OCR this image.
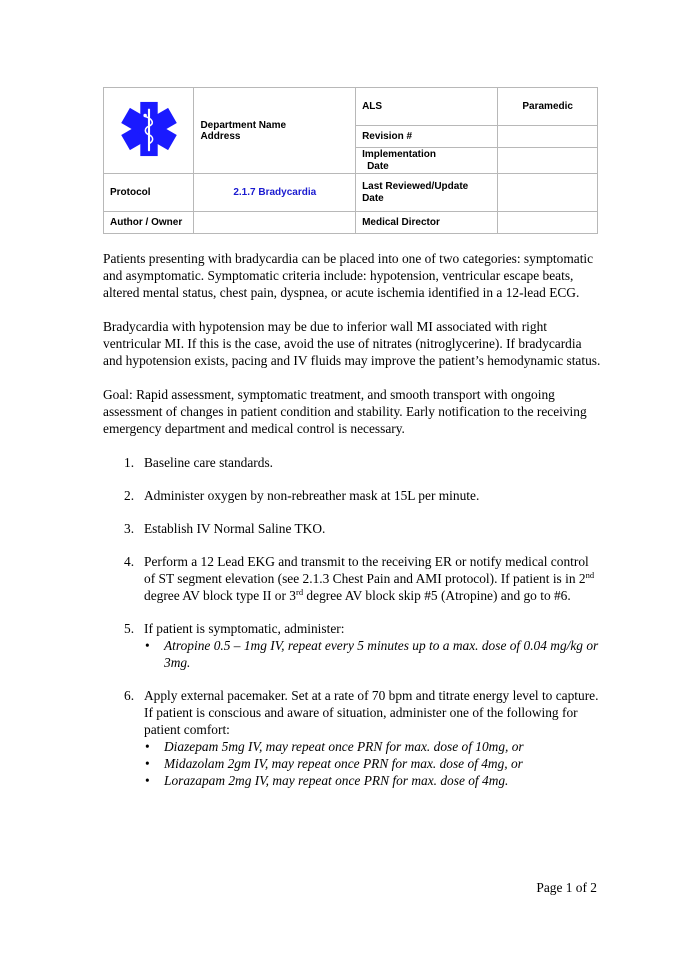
Department Name
Address	ALS	Paramedic
		Revision #	

		Implementation
Date	

Protocol	2.1.7 Bradycardia	Last Reviewed/Update
Date	

Author / Owner		Medical Director	

Patients presenting with bradycardia can be placed into one of two categories: symptomatic and asymptomatic. Symptomatic criteria include: hypotension, ventricular escape beats, altered mental status, chest pain, dyspnea, or acute ischemia identified in a 12-lead ECG.

Bradycardia with hypotension may be due to inferior wall MI associated with right ventricular MI. If this is the case, avoid the use of nitrates (nitroglycerine). If bradycardia and hypotension exists, pacing and IV fluids may improve the patient’s hemodynamic status.

Goal: Rapid assessment, symptomatic treatment, and smooth transport with ongoing assessment of changes in patient condition and stability. Early notification to the receiving emergency department and medical control is necessary.

1. Baseline care standards.
2. Administer oxygen by non-rebreather mask at 15L per minute.
3. Establish IV Normal Saline TKO.
4. Perform a 12 Lead EKG and transmit to the receiving ER or notify medical control of ST segment elevation (see 2.1.3 Chest Pain and AMI protocol). If patient is in 2nd degree AV block type II or 3rd degree AV block skip #5 (Atropine) and go to #6.
5. If patient is symptomatic, administer:
• Atropine 0.5 – 1mg IV, repeat every 5 minutes up to a max. dose of 0.04 mg/kg or 3mg.
6. Apply external pacemaker. Set at a rate of 70 bpm and titrate energy level to capture. If patient is conscious and aware of situation, administer one of the following for patient comfort:
• Diazepam 5mg IV, may repeat once PRN for max. dose of 10mg, or
• Midazolam 2gm IV, may repeat once PRN for max. dose of 4mg, or
• Lorazapam 2mg IV, may repeat once PRN for max. dose of 4mg.
Page 1 of 2
